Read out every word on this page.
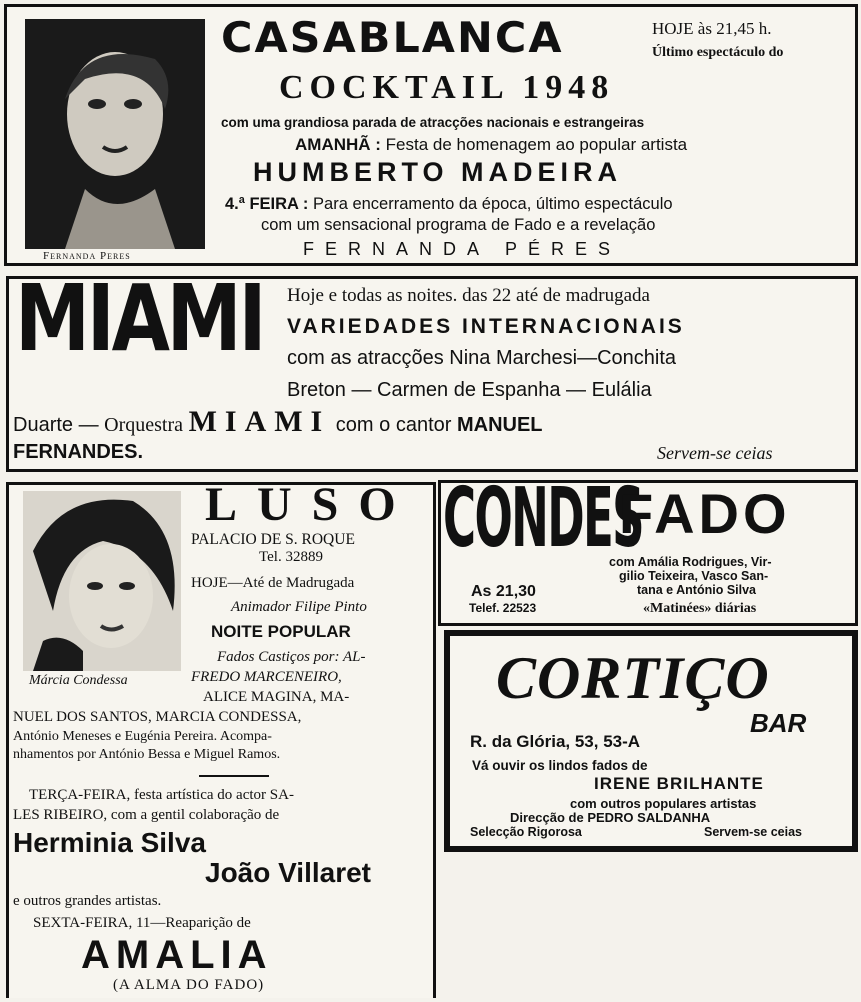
Fernanda Peres
CASABLANCA	HOJE às 21,45 h.
Último espectáculo do
COCKTAIL 1948
com uma grandiosa parada de atracções nacionais e estrangeiras
AMANHÃ : Festa de homenagem ao popular artista
HUMBERTO MADEIRA
4.ª FEIRA : Para encerramento da época, último espectáculo
com um sensacional programa de Fado e a revelação
FERNANDA PÉRES
MIAMI Hoje e todas as noites. das 22 até de madrugada
VARIEDADES INTERNACIONAIS
com as atracções Nina Marchesi—Conchita
Breton — Carmen de Espanha — Eulália
Duarte — Orquestra MIAMI com o cantor MANUEL
FERNANDES.	Servem-se ceias
LUSO
PALACIO DE S. ROQUE
Tel. 32889
HOJE—Até de Madrugada
Animador Filipe Pinto
NOITE POPULAR
Fados Castiços por: AL-
Márcia Condessa	FREDO MARCENEIRO,
ALICE MAGINA, MA-
NUEL DOS SANTOS, MARCIA CONDESSA,
António Meneses e Eugénia Pereira. Acompa-
nhamentos por António Bessa e Miguel Ramos.
TERÇA-FEIRA, festa artística do actor SA-
LES RIBEIRO, com a gentil colaboração de
Herminia Silva
João Villaret
e outros grandes artistas.
SEXTA-FEIRA, 11—Reaparição de
AMALIA
(A ALMA DO FADO)
CONDES
FADO
com Amália Rodrigues, Vir-
gilio Teixeira, Vasco San-
tana e António Silva
As 21,30
Telef. 22523	«Matinées» diárias
CORTIÇO
BAR
R. da Glória, 53, 53-A
Vá ouvir os lindos fados de
IRENE BRILHANTE
com outros populares artistas
Direcção de PEDRO SALDANHA
Selecção Rigorosa	Servem-se ceias
